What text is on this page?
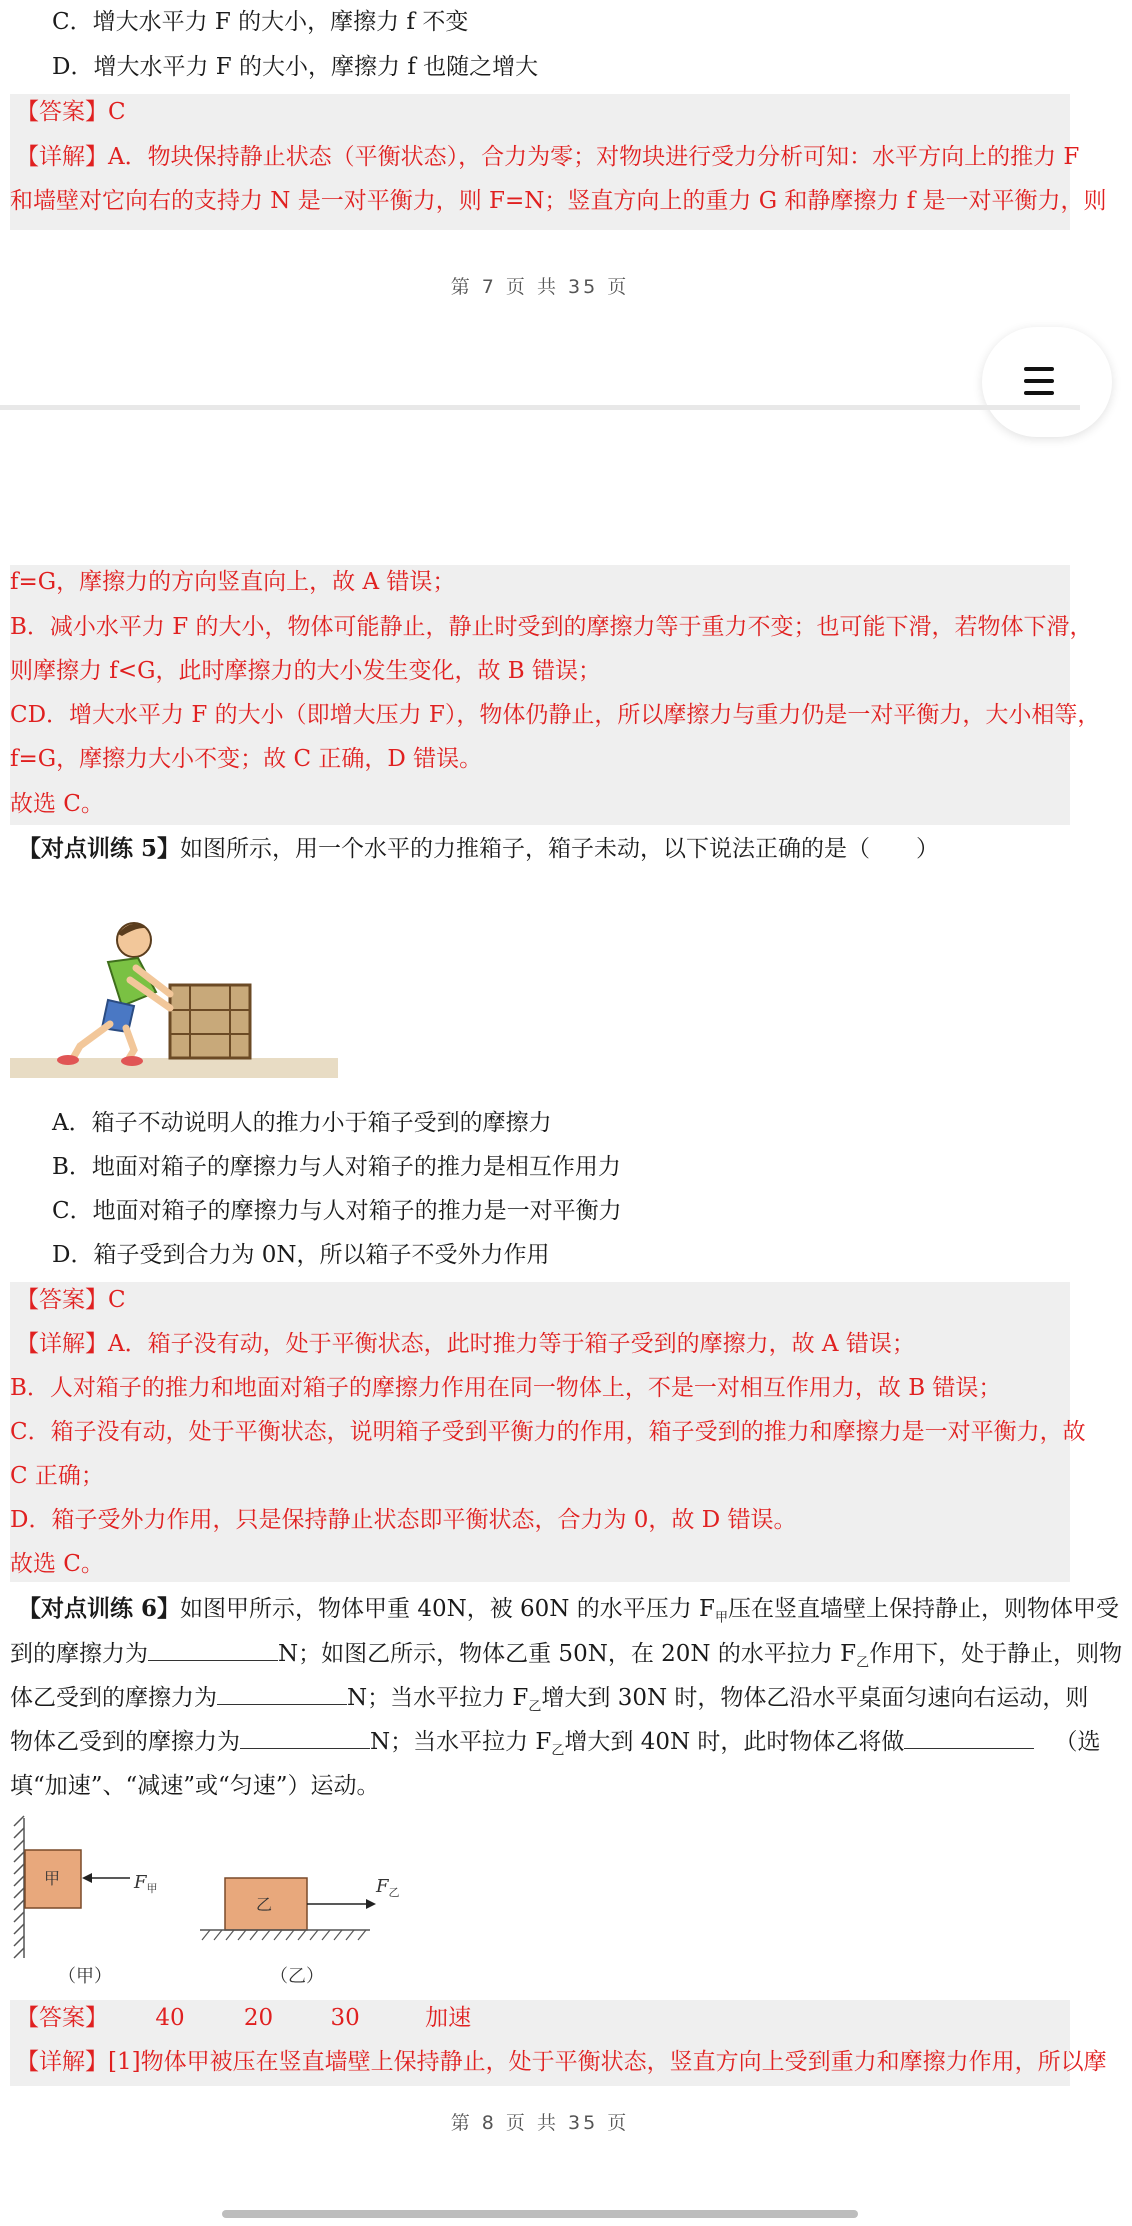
C．增大水平力 F 的大小，摩擦力 f 不变
D．增大水平力 F 的大小，摩擦力 f 也随之增大
【答案】C
【详解】A．物块保持静止状态（平衡状态），合力为零；对物块进行受力分析可知：水平方向上的推力 F
和墙壁对它向右的支持力 N 是一对平衡力，则 F=N；竖直方向上的重力 G 和静摩擦力 f 是一对平衡力，则
第 7 页 共 35 页
f=G，摩擦力的方向竖直向上，故 A 错误；
B．减小水平力 F 的大小，物体可能静止，静止时受到的摩擦力等于重力不变；也可能下滑，若物体下滑，
则摩擦力 f<G，此时摩擦力的大小发生变化，故 B 错误；
CD．增大水平力 F 的大小（即增大压力 F），物体仍静止，所以摩擦力与重力仍是一对平衡力，大小相等，
f=G，摩擦力大小不变；故 C 正确，D 错误。
故选 C。
【对点训练 5】如图所示，用一个水平的力推箱子，箱子未动，以下说法正确的是（　　）
A．箱子不动说明人的推力小于箱子受到的摩擦力
B．地面对箱子的摩擦力与人对箱子的推力是相互作用力
C．地面对箱子的摩擦力与人对箱子的推力是一对平衡力
D．箱子受到合力为 0N，所以箱子不受外力作用
【答案】C
【详解】A．箱子没有动，处于平衡状态，此时推力等于箱子受到的摩擦力，故 A 错误；
B．人对箱子的推力和地面对箱子的摩擦力作用在同一物体上，不是一对相互作用力，故 B 错误；
C．箱子没有动，处于平衡状态，说明箱子受到平衡力的作用，箱子受到的推力和摩擦力是一对平衡力，故
C 正确；
D．箱子受外力作用，只是保持静止状态即平衡状态，合力为 0，故 D 错误。
故选 C。
【对点训练 6】如图甲所示，物体甲重 40N，被 60N 的水平压力 $F_甲$压在竖直墙壁上保持静止，则物体甲受
到的摩擦力为	N；如图乙所示，物体乙重 50N，在 20N 的水平拉力 $F_乙$作用下，处于静止，则物
体乙受到的摩擦力为	N；当水平拉力 $F_乙$增大到 30N 时，物体乙沿水平桌面匀速向右运动，则
物体乙受到的摩擦力为	N；当水平拉力 $F_乙$增大到 40N 时，此时物体乙将做	（选
填“加速”、“减速”或“匀速”）运动。
甲	$F_甲$
乙
$F_乙$
（甲）	（乙）
【答案】 40	20 30	加速
【详解】[1]物体甲被压在竖直墙壁上保持静止，处于平衡状态，竖直方向上受到重力和摩擦力作用，所以摩
第 8 页 共 35 页
